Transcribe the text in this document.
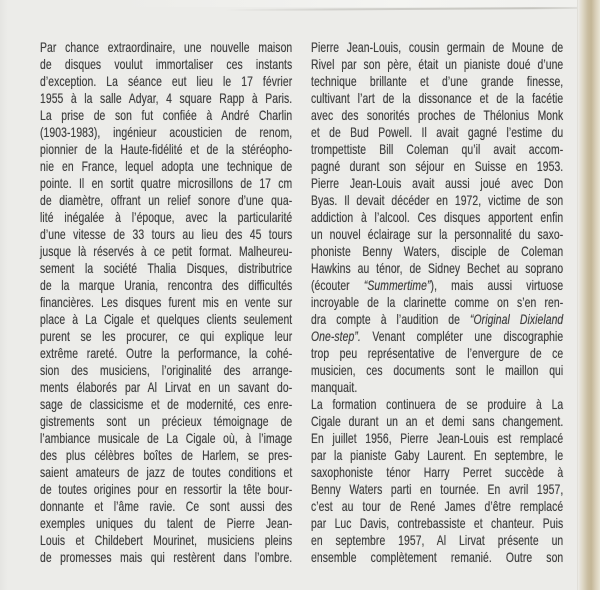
Par chance extraordinaire, une nouvelle maison
de disques voulut immortaliser ces instants
d’exception. La séance eut lieu le 17 février
1955 à la salle Adyar, 4 square Rapp à Paris.
La prise de son fut confiée à André Charlin
(1903-1983), ingénieur acousticien de renom,
pionnier de la Haute-fidélité et de la stéréopho-
nie en France, lequel adopta une technique de
pointe. Il en sortit quatre microsillons de 17 cm
de diamètre, offrant un relief sonore d’une qua-
lité inégalée à l’époque, avec la particularité
d’une vitesse de 33 tours au lieu des 45 tours
jusque là réservés à ce petit format. Malheureu-
sement la société Thalia Disques, distributrice
de la marque Urania, rencontra des difficultés
financières. Les disques furent mis en vente sur
place à La Cigale et quelques clients seulement
purent se les procurer, ce qui explique leur
extrême rareté. Outre la performance, la cohé-
sion des musiciens, l’originalité des arrange-
ments élaborés par Al Lirvat en un savant do-
sage de classicisme et de modernité, ces enre-
gistrements sont un précieux témoignage de
l’ambiance musicale de La Cigale où, à l’image
des plus célèbres boîtes de Harlem, se pres-
saient amateurs de jazz de toutes conditions et
de toutes origines pour en ressortir la tête bour-
donnante et l’âme ravie. Ce sont aussi des
exemples uniques du talent de Pierre Jean-
Louis et Childebert Mourinet, musiciens pleins
de promesses mais qui restèrent dans l’ombre.
Pierre Jean-Louis, cousin germain de Moune de
Rivel par son père, était un pianiste doué d’une
technique brillante et d’une grande finesse,
cultivant l’art de la dissonance et de la facétie
avec des sonorités proches de Thélonius Monk
et de Bud Powell. Il avait gagné l’estime du
trompettiste Bill Coleman qu’il avait accom-
pagné durant son séjour en Suisse en 1953.
Pierre Jean-Louis avait aussi joué avec Don
Byas. Il devait décéder en 1972, victime de son
addiction à l’alcool. Ces disques apportent enfin
un nouvel éclairage sur la personnalité du saxo-
phoniste Benny Waters, disciple de Coleman
Hawkins au ténor, de Sidney Bechet au soprano
(écouter “Summertime”), mais aussi virtuose
incroyable de la clarinette comme on s’en ren-
dra compte à l’audition de “Original Dixieland
One-step”. Venant compléter une discographie
trop peu représentative de l’envergure de ce
musicien, ces documents sont le maillon qui
manquait.
La formation continuera de se produire à La
Cigale durant un an et demi sans changement.
En juillet 1956, Pierre Jean-Louis est remplacé
par la pianiste Gaby Laurent. En septembre, le
saxophoniste ténor Harry Perret succède à
Benny Waters parti en tournée. En avril 1957,
c’est au tour de René James d’être remplacé
par Luc Davis, contrebassiste et chanteur. Puis
en septembre 1957, Al Lirvat présente un
ensemble complètement remanié. Outre son
